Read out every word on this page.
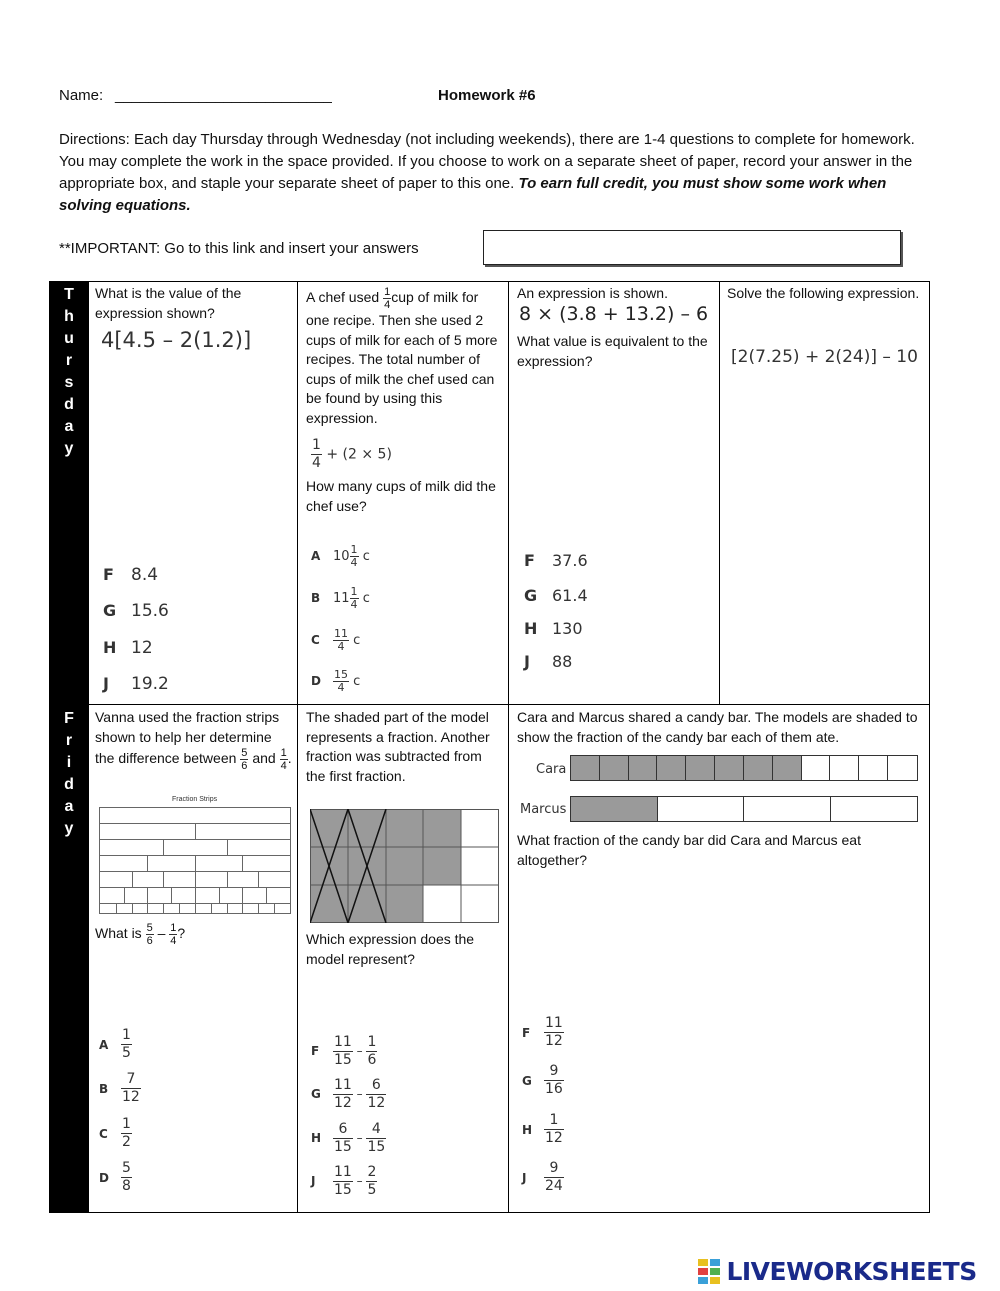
Name: __________________________	Homework #6
Directions: Each day Thursday through Wednesday (not including weekends), there are 1-4 questions to complete for homework. You may complete the work in the space provided. If you choose to work on a separate sheet of paper, record your answer in the appropriate box, and staple your separate sheet of paper to this one. To earn full credit, you must show some work when solving equations.
**IMPORTANT: Go to this link and insert your answers
T
h
u
r
s
d
a
y
F
r
i
d
a
y
What is the value of the expression shown?
4[4.5 – 2(1.2)]
F 8.4
G 15.6
H 12
J 19.2
A chef used $\frac{1}{4}$ cup of milk for one recipe. Then she used 2 cups of milk for each of 5 more recipes. The total number of cups of milk the chef used can be found by using this expression.
$\frac{1}{4} + (2 \times 5)$
How many cups of milk did the chef use?
A $10 \frac{1}{4}$ c
B $11 \frac{1}{4}$ c
C $\frac{11}{4}$ c
D $\frac{15}{4}$ c
An expression is shown.
8 × (3.8 + 13.2) – 6
What value is equivalent to the expression?
F 37.6
G 61.4
H 130
J 88
Solve the following expression.
[2(7.25) + 2(24)] – 10
Vanna used the fraction strips shown to help her determine the difference between $\frac{5}{6}$ and $\frac{1}{4}$ .
Fraction Strips
What is $\frac{5}{6} - \frac{1}{4}$ ?
A $\frac{1}{5}$
B $\frac{7}{12}$
C $\frac{1}{2}$
D $\frac{5}{8}$
The shaded part of the model represents a fraction. Another fraction was subtracted from the first fraction.
Which expression does the model represent?
F $\frac{11}{15} - \frac{1}{6}$
G $\frac{11}{12} - \frac{6}{12}$
H $\frac{6}{15} - \frac{4}{15}$
J $\frac{11}{15} - \frac{2}{5}$
Cara and Marcus shared a candy bar. The models are shaded to show the fraction of the candy bar each of them ate.
Cara
Marcus
What fraction of the candy bar did Cara and Marcus eat altogether?
F $\frac{11}{12}$
G $\frac{9}{16}$
H $\frac{1}{12}$
J $\frac{9}{24}$
LIVEWORKSHEETS
